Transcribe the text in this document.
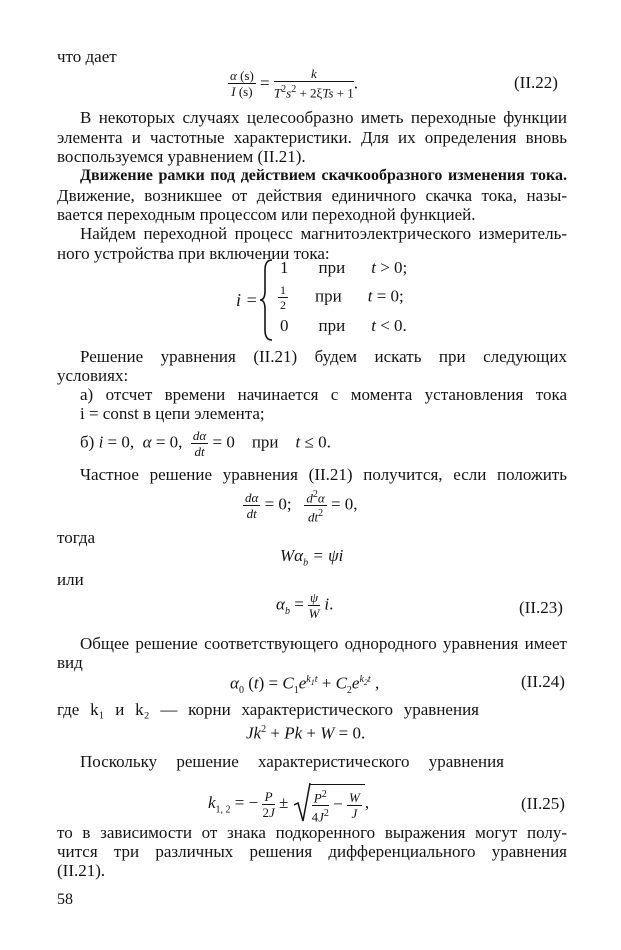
что дает
$\frac{\alpha (s)}{I (s)} = \frac{k}{T^2s^2 + 2\xi Ts + 1}$ .	(II.22)
В некоторых случаях целесообразно иметь переходные функции
элемента и частотные характеристики. Для их определения вновь
воспользуемся уравнением (II.21).
Движение рамки под действием скачкообразного изменения тока.
Движение, возникшее от действия единичного скачка тока, назы-
вается переходным процессом или переходной функцией.
Найдем переходной процесс магнитоэлектрического измеритель-
ного устройства при включении тока:
i =
1 при t > 0;
$\frac{1}{2}$ при t = 0;
0 при t < 0.
Решение уравнения (II.21) будем искать при следующих
условиях:
а) отсчет времени начинается с момента установления тока
i = const в цепи элемента;
б) i = 0,  α = 0, $\frac{d\alpha}{dt} = 0$    при    t ≤ 0.
Частное решение уравнения (II.21) получится, если положить
$\frac{d\alpha}{dt} = 0$; $\frac{d^2\alpha}{dt^2} = 0$,
тогда
$W\alpha_b = \psi i$
или
$\alpha_b = \frac{\psi}{W} i$.	(II.23)
Общее решение соответствующего однородного уравнения имеет
вид
$\alpha_0$ $(t) = C_1e^{k_1t} + C_2e^{k_2t}$ ,	(II.24)
где k₁ и k₂ — корни характеристического уравнения
$Jk^2 + Pk + W = 0$.
Поскольку решение характеристического уравнения
$k_{1, 2}$ = − $\frac{P}{2J} \pm \frac{P^2}{4J^2} - \frac{W}{J}$ ,	(II.25)
то в зависимости от знака подкоренного выражения могут полу-
чится три различных решения дифференциального уравнения
(II.21).
58
